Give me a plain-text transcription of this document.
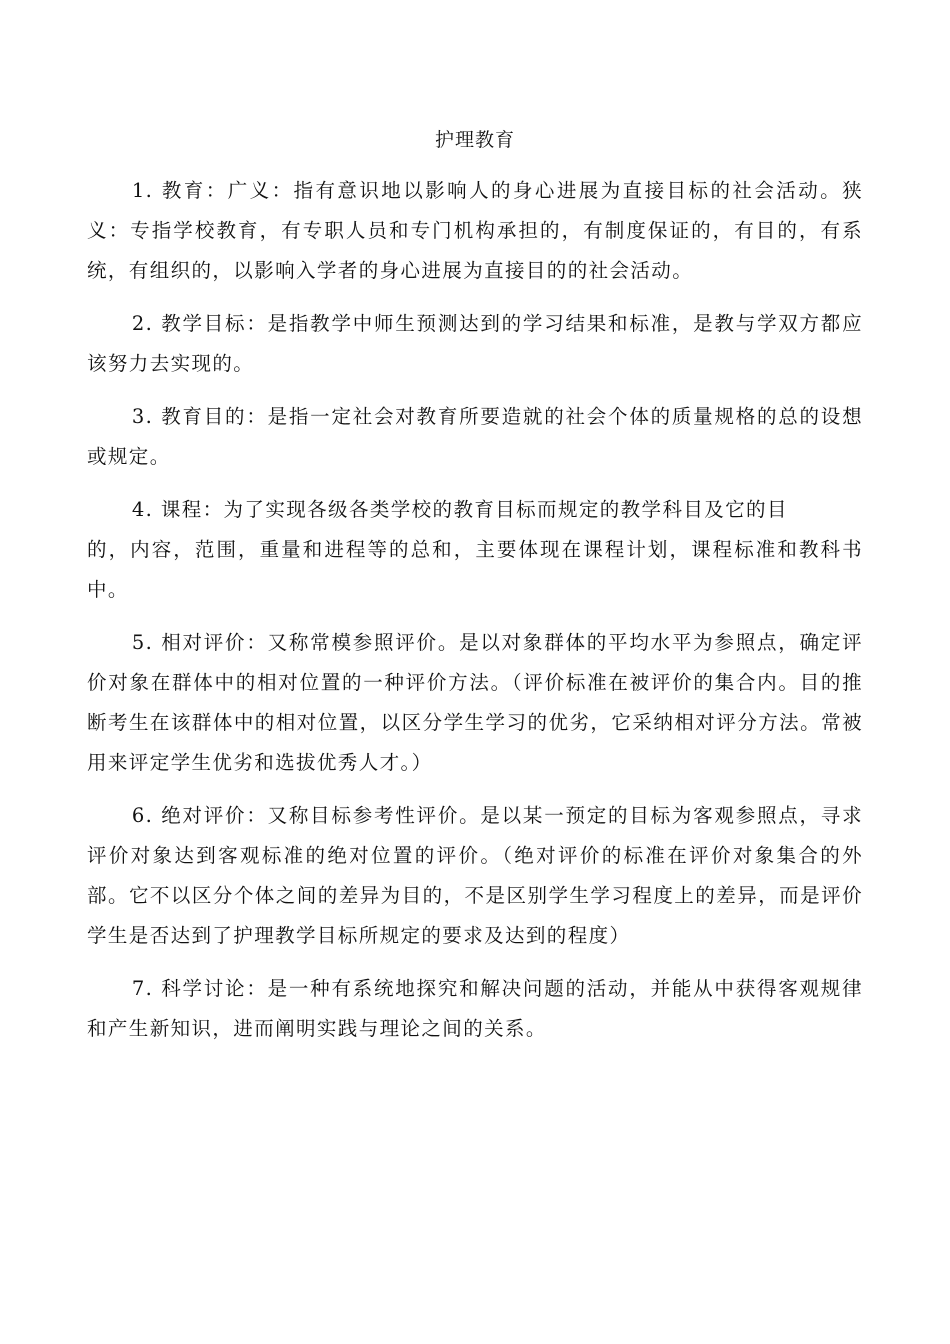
护理教育

1. 教育：广义：指有意识地以影响人的身心进展为直接目标的社会活动。狭义：专指学校教育，有专职人员和专门机构承担的，有制度保证的，有目的，有系统，有组织的，以影响入学者的身心进展为直接目的的社会活动。

2. 教学目标：是指教学中师生预测达到的学习结果和标准，是教与学双方都应该努力去实现的。

3. 教育目的：是指一定社会对教育所要造就的社会个体的质量规格的总的设想或规定。

4. 课程：为了实现各级各类学校的教育目标而规定的教学科目及它的目
的，内容，范围，重量和进程等的总和，主要体现在课程计划，课程标准和教科书中。

5. 相对评价：又称常模参照评价。是以对象群体的平均水平为参照点，确定评价对象在群体中的相对位置的一种评价方法。（评价标准在被评价的集合内。目的推断考生在该群体中的相对位置，以区分学生学习的优劣，它采纳相对评分方法。常被用来评定学生优劣和选拔优秀人才。）

6. 绝对评价：又称目标参考性评价。是以某一预定的目标为客观参照点，寻求评价对象达到客观标准的绝对位置的评价。（绝对评价的标准在评价对象集合的外部。它不以区分个体之间的差异为目的，不是区别学生学习程度上的差异，而是评价学生是否达到了护理教学目标所规定的要求及达到的程度）

7. 科学讨论：是一种有系统地探究和解决问题的活动，并能从中获得客观规律和产生新知识，进而阐明实践与理论之间的关系。
